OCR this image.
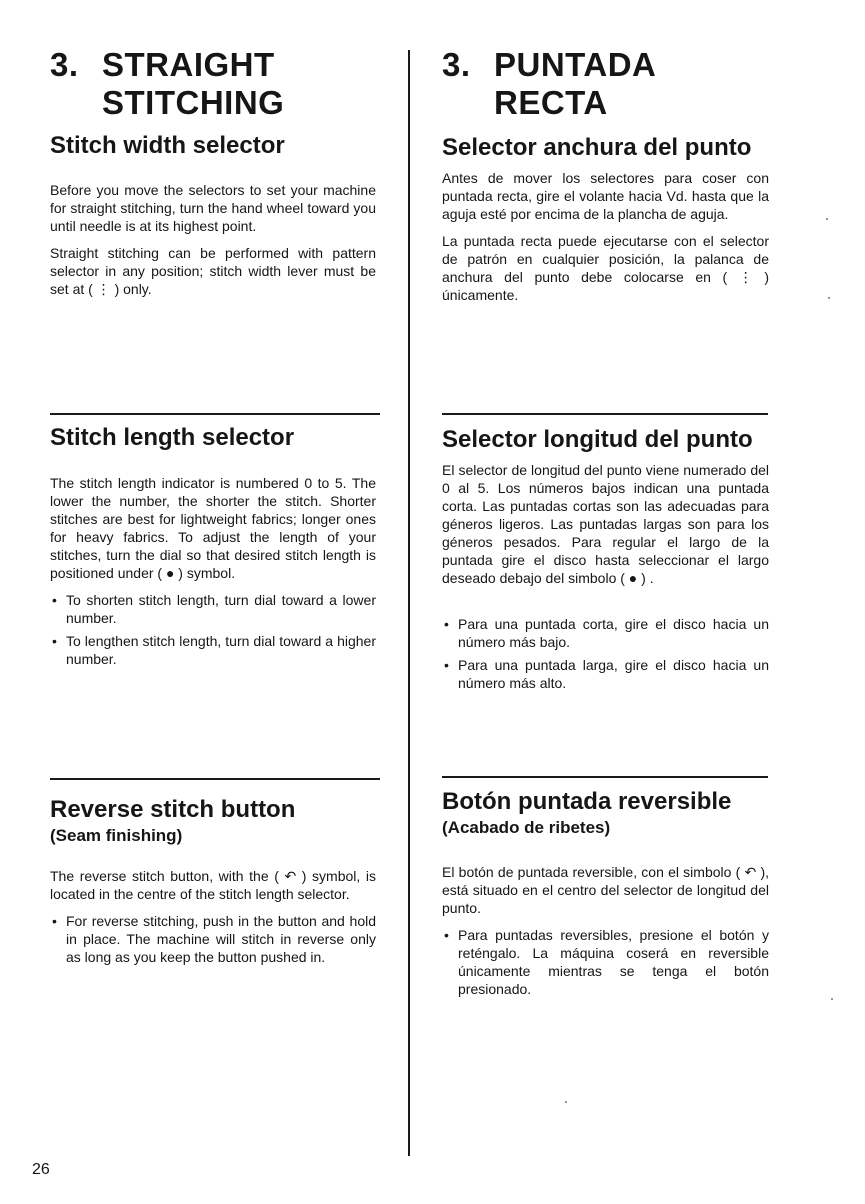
3. STRAIGHT
STITCHING
Stitch width selector

Before you move the selectors to set your machine for straight stitching, turn the hand wheel toward you until needle is at its highest point.

Straight stitching can be performed with pattern selector in any position; stitch width lever must be set at ( ⋮ ) only.

Stitch length selector

The stitch length indicator is numbered 0 to 5. The lower the number, the shorter the stitch. Shorter stitches are best for lightweight fabrics; longer ones for heavy fabrics. To adjust the length of your stitches, turn the dial so that desired stitch length is positioned under ( ● ) symbol.

• To shorten stitch length, turn dial toward a lower number.
• To lengthen stitch length, turn dial toward a higher number.
Reverse stitch button
(Seam finishing)

The reverse stitch button, with the ( ↶ ) symbol, is located in the centre of the stitch length selector.

• For reverse stitching, push in the button and hold in place. The machine will stitch in reverse only as long as you keep the button pushed in.
3. PUNTADA
RECTA
Selector anchura del punto

Antes de mover los selectores para coser con puntada recta, gire el volante hacia Vd. hasta que la aguja esté por encima de la plancha de aguja.

La puntada recta puede ejecutarse con el selector de patrón en cualquier posición, la palanca de anchura del punto debe colocarse en ( ⋮ ) únicamente.

Selector longitud del punto

El selector de longitud del punto viene numerado del 0 al 5. Los números bajos indican una puntada corta. Las puntadas cortas son las adecuadas para géneros ligeros. Las puntadas largas son para los géneros pesados. Para regular el largo de la puntada gire el disco hasta seleccionar el largo deseado debajo del simbolo ( ● ) .

• Para una puntada corta, gire el disco hacia un número más bajo.
• Para una puntada larga, gire el disco hacia un número más alto.
Botón puntada reversible
(Acabado de ribetes)

El botón de puntada reversible, con el simbolo ( ↶ ), está situado en el centro del selector de longitud del punto.

• Para puntadas reversibles, presione el botón y reténgalo. La máquina coserá en reversible únicamente mientras se tenga el botón presionado.
26
